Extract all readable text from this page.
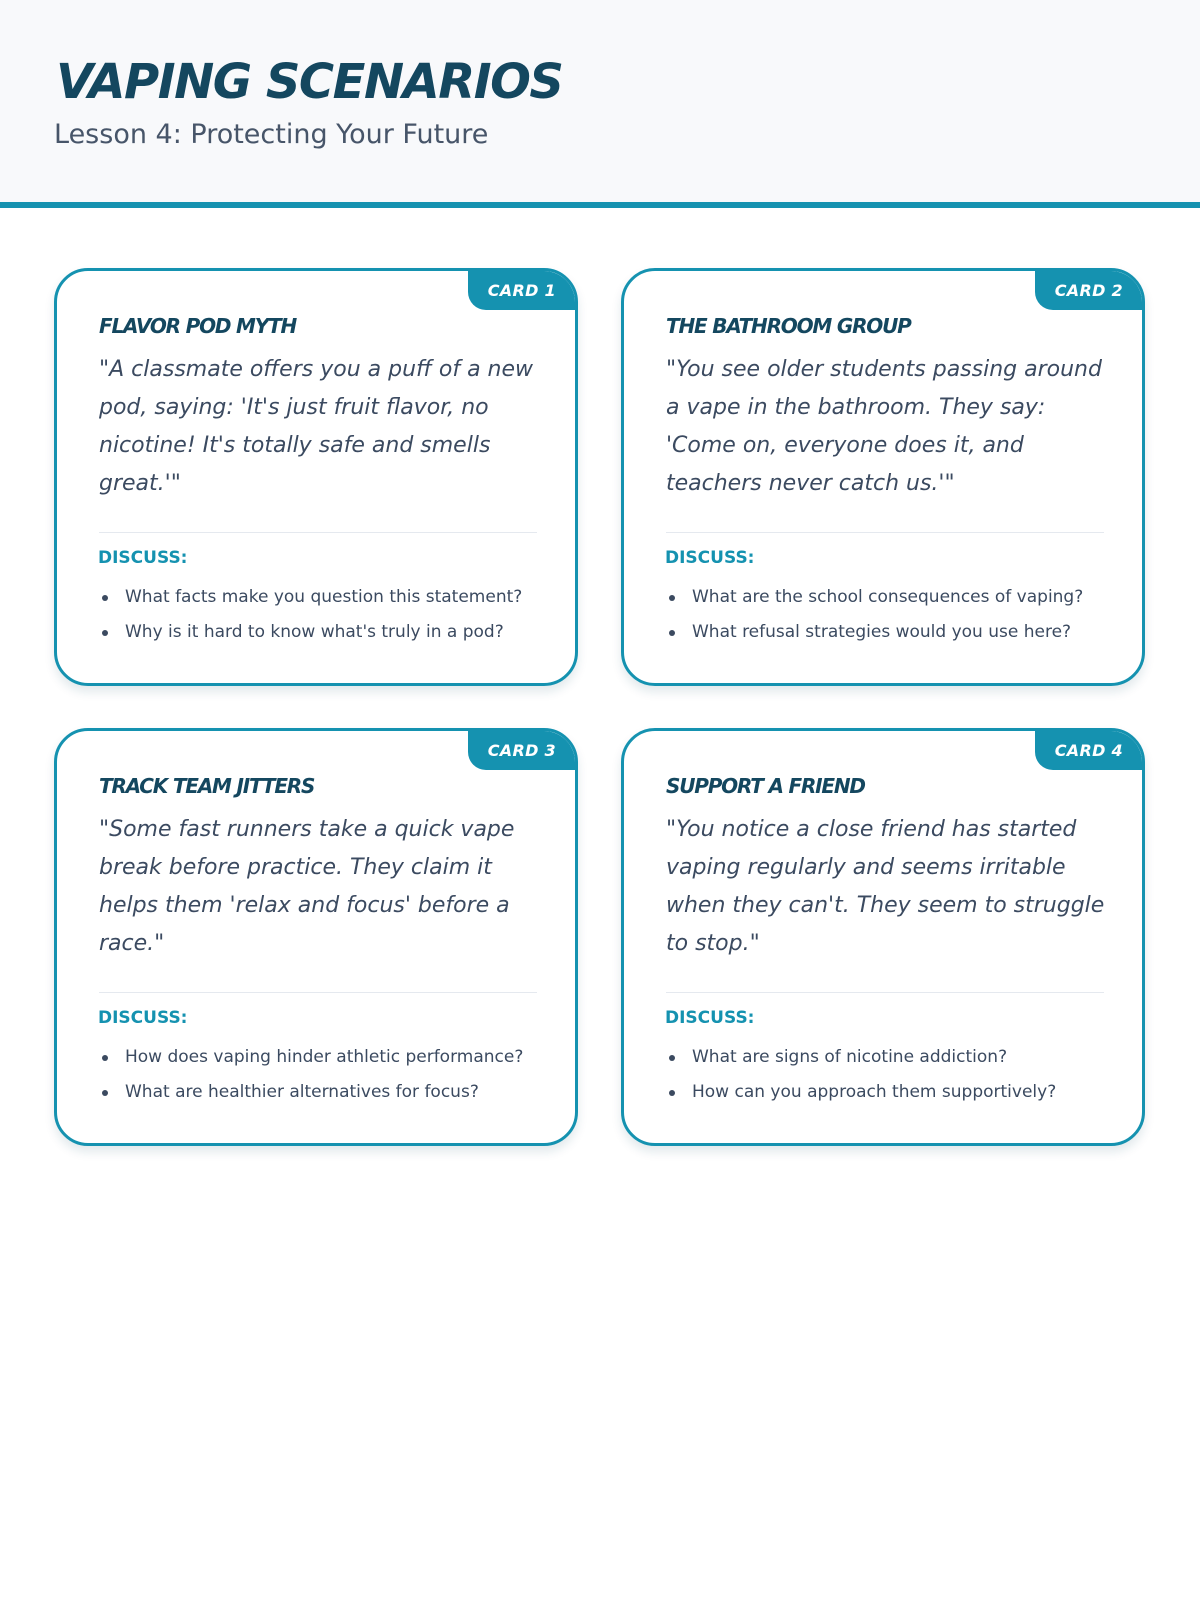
VAPING SCENARIOS
Lesson 4: Protecting Your Future
CARD 1
FLAVOR POD MYTH

"A classmate offers you a puff of a new pod, saying: 'It's just fruit flavor, no nicotine! It's totally safe and smells great.'"

DISCUSS:
What facts make you question this statement?
Why is it hard to know what's truly in a pod?
CARD 2
THE BATHROOM GROUP

"You see older students passing around a vape in the bathroom. They say: 'Come on, everyone does it, and teachers never catch us.'"

DISCUSS:
What are the school consequences of vaping?
What refusal strategies would you use here?
CARD 3
TRACK TEAM JITTERS

"Some fast runners take a quick vape break before practice. They claim it helps them 'relax and focus' before a race."

DISCUSS:
How does vaping hinder athletic performance?
What are healthier alternatives for focus?
CARD 4
SUPPORT A FRIEND

"You notice a close friend has started vaping regularly and seems irritable when they can't. They seem to struggle to stop."

DISCUSS:
What are signs of nicotine addiction?
How can you approach them supportively?
